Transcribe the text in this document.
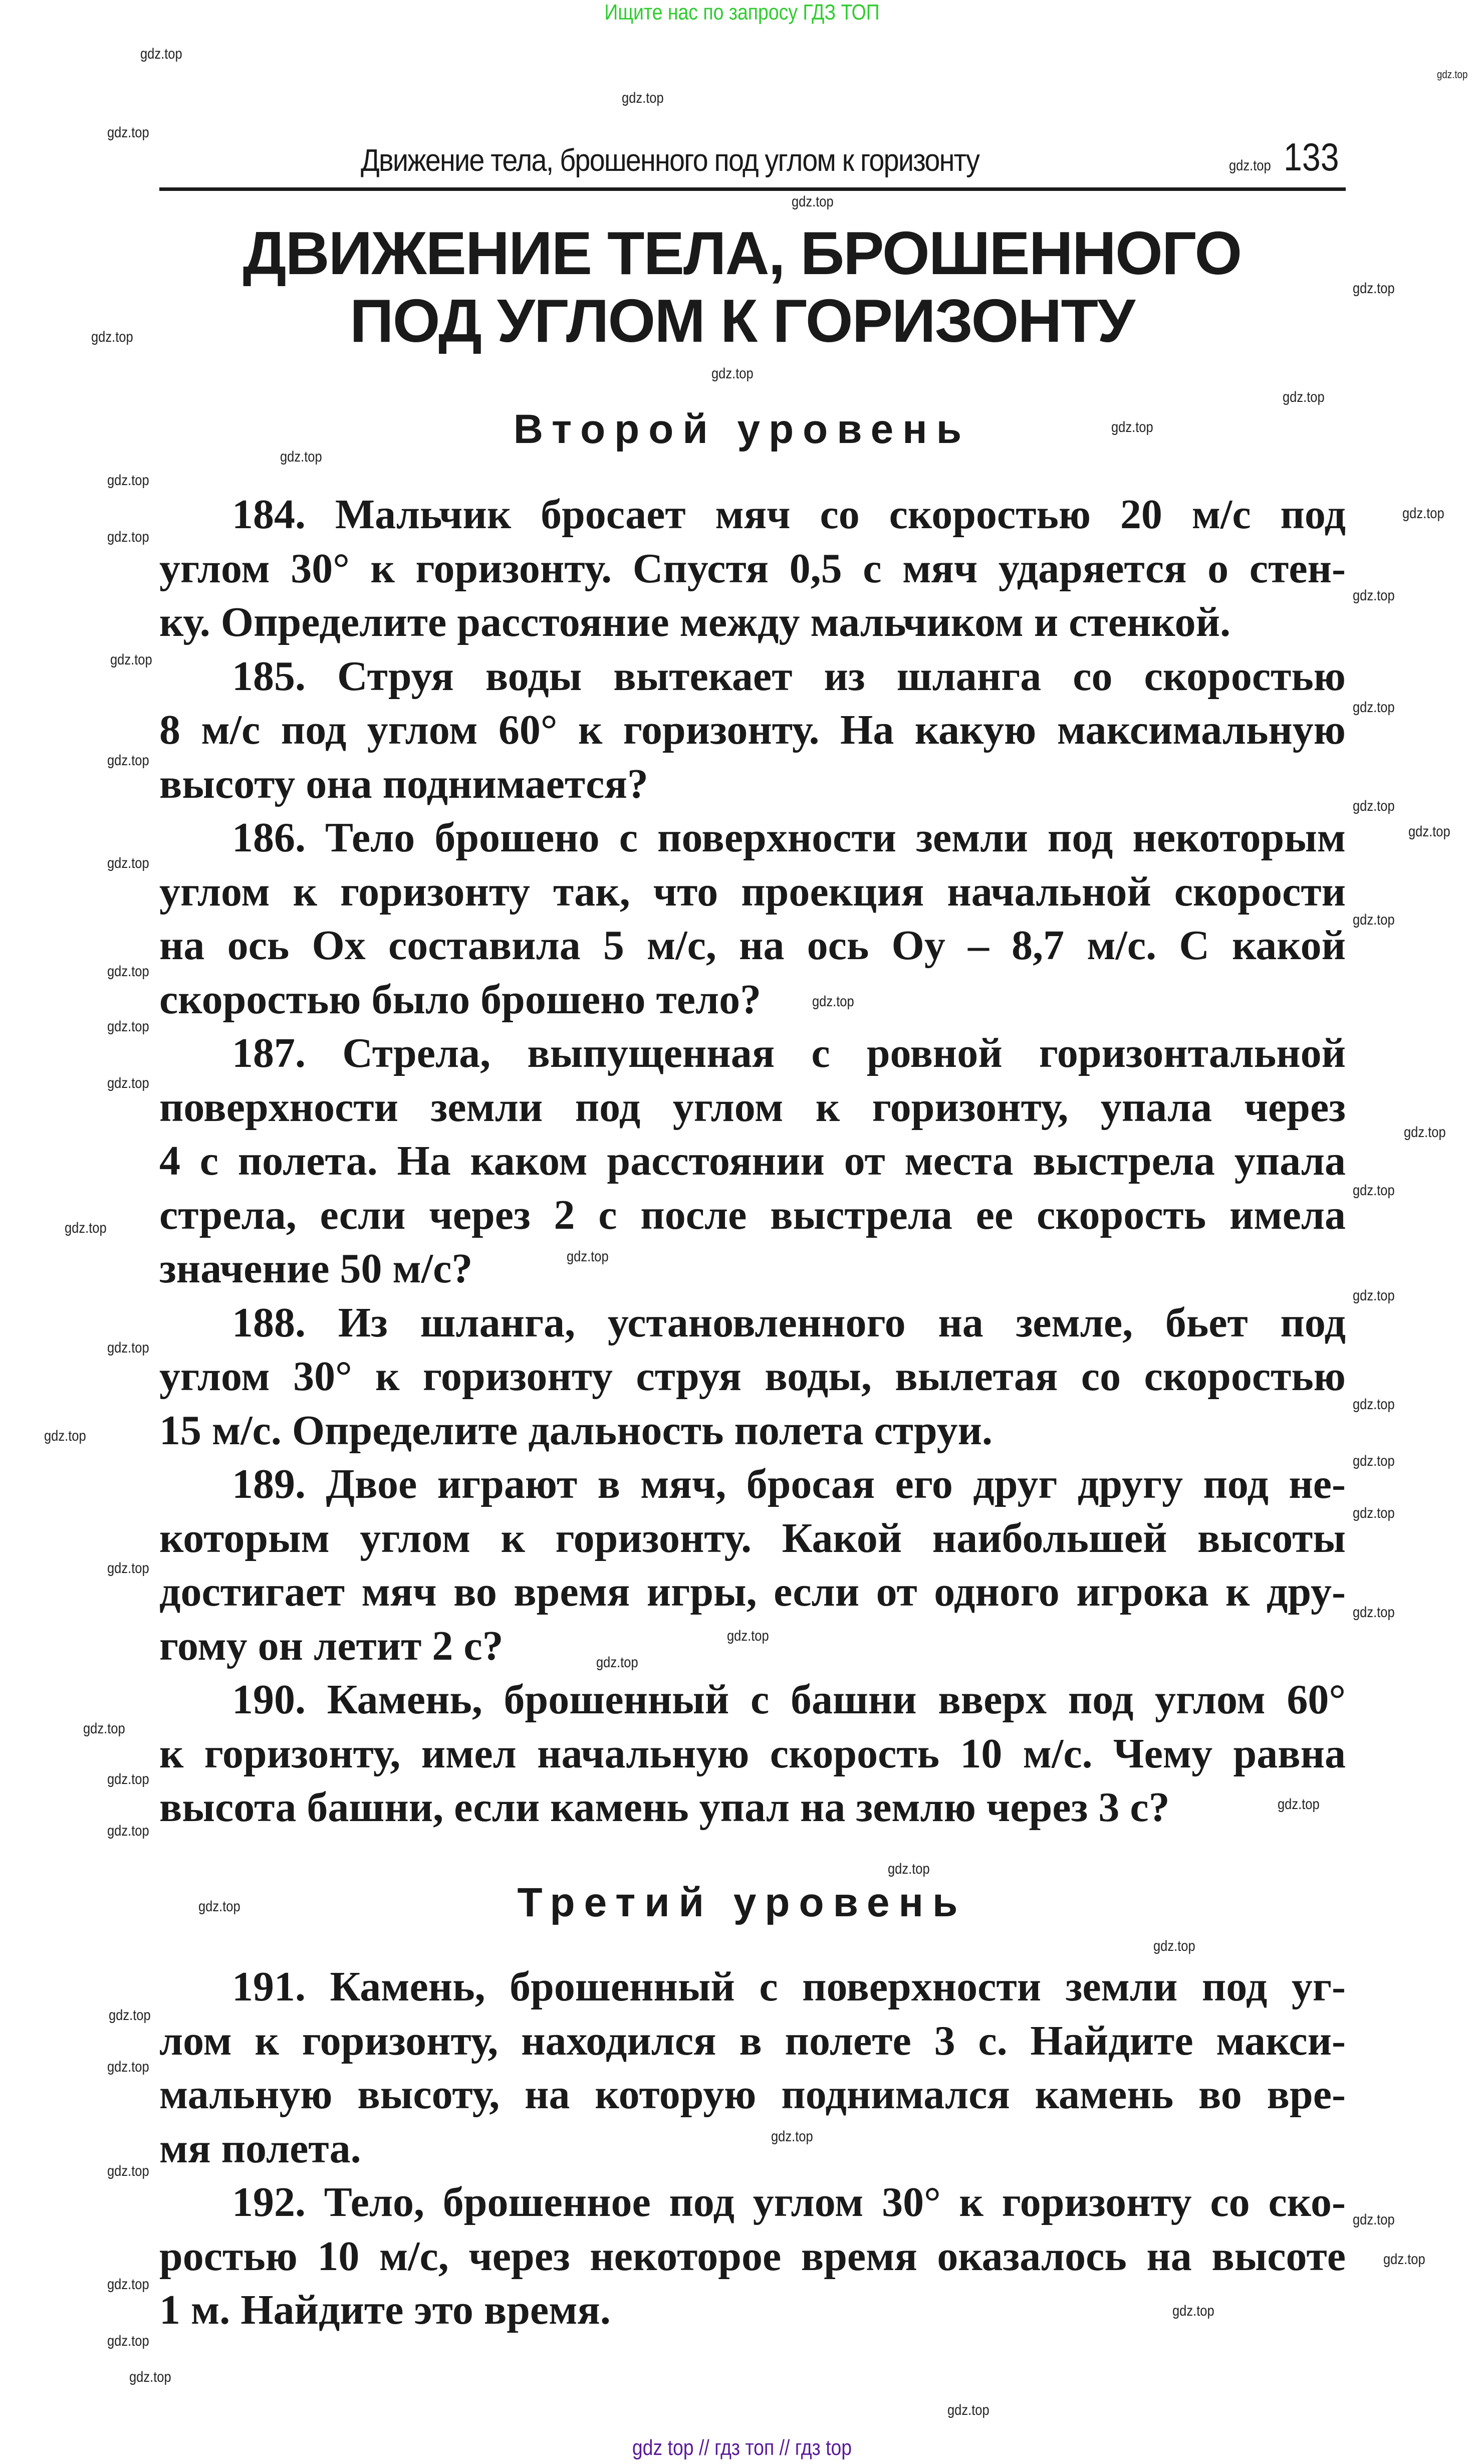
Ищите нас по запросу ГДЗ ТОП
Движение тела, брошенного под углом к горизонту	133
ДВИЖЕНИЕ ТЕЛА, БРОШЕННОГО
ПОД УГЛОМ К ГОРИЗОНТУ
Второй уровень
184. Мальчик бросает мяч со скоростью 20 м/с под
углом 30° к горизонту. Спустя 0,5 с мяч ударяется о стен-
ку. Определите расстояние между мальчиком и стенкой.
185. Струя воды вытекает из шланга со скоростью
8 м/с под углом 60° к горизонту. На какую максимальную
высоту она поднимается?
186. Тело брошено с поверхности земли под некоторым
углом к горизонту так, что проекция начальной скорости
на ось Ox составила 5 м/с, на ось Oy – 8,7 м/с. С какой
скоростью было брошено тело?
187. Стрела, выпущенная с ровной горизонтальной
поверхности земли под углом к горизонту, упала через
4 с полета. На каком расстоянии от места выстрела упала
стрела, если через 2 с после выстрела ее скорость имела
значение 50 м/с?
188. Из шланга, установленного на земле, бьет под
углом 30° к горизонту струя воды, вылетая со скоростью
15 м/с. Определите дальность полета струи.
189. Двое играют в мяч, бросая его друг другу под не-
которым углом к горизонту. Какой наибольшей высоты
достигает мяч во время игры, если от одного игрока к дру-
гому он летит 2 с?
190. Камень, брошенный с башни вверх под углом 60°
к горизонту, имел начальную скорость 10 м/с. Чему равна
высота башни, если камень упал на землю через 3 с?
Третий уровень
191. Камень, брошенный с поверхности земли под уг-
лом к горизонту, находился в полете 3 с. Найдите макси-
мальную высоту, на которую поднимался камень во вре-
мя полета.
192. Тело, брошенное под углом 30° к горизонту со ско-
ростью 10 м/с, через некоторое время оказалось на высоте
1 м. Найдите это время.
gdz.top
gdz.top
gdz.top
gdz.top
gdz.top
gdz.top
gdz.top
gdz.top
gdz.top
gdz.top
gdz.top
gdz.top
gdz.top
gdz.top
gdz.top
gdz.top
gdz.top
gdz.top
gdz.top
gdz.top
gdz.top
gdz.top
gdz.top
gdz.top
gdz.top
gdz.top
gdz.top
gdz.top
gdz.top
gdz.top
gdz.top
gdz.top
gdz.top
gdz.top
gdz.top
gdz.top
gdz.top
gdz.top
gdz.top
gdz.top
gdz.top
gdz.top
gdz.top
gdz.top
gdz.top
gdz.top
gdz.top
gdz.top
gdz.top
gdz.top
gdz.top
gdz.top
gdz.top
gdz.top
gdz.top
gdz.top
gdz.top
gdz.top
gdz.top
gdz top // гдз топ // гдз top
